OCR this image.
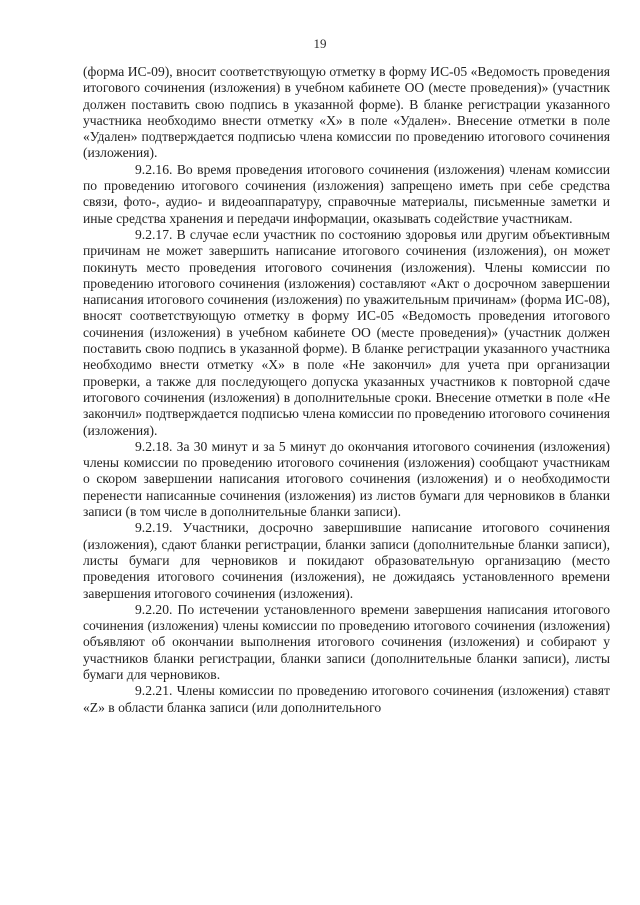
19

(форма ИС-09), вносит соответствующую отметку в форму ИС-05 «Ведомость проведения итогового сочинения (изложения) в учебном кабинете ОО (месте проведения)» (участник должен поставить свою подпись в указанной форме). В бланке регистрации указанного участника необходимо внести отметку «X» в поле «Удален». Внесение отметки в поле «Удален» подтверждается подписью члена комиссии по проведению итогового сочинения (изложения).

9.2.16. Во время проведения итогового сочинения (изложения) членам комиссии по проведению итогового сочинения (изложения) запрещено иметь при себе средства связи, фото-, аудио- и видеоаппаратуру, справочные материалы, письменные заметки и иные средства хранения и передачи информации, оказывать содействие участникам.

9.2.17. В случае если участник по состоянию здоровья или другим объективным причинам не может завершить написание итогового сочинения (изложения), он может покинуть место проведения итогового сочинения (изложения). Члены комиссии по проведению итогового сочинения (изложения) составляют «Акт о досрочном завершении написания итогового сочинения (изложения) по уважительным причинам» (форма ИС-08), вносят соответствующую отметку в форму ИС-05 «Ведомость проведения итогового сочинения (изложения) в учебном кабинете ОО (месте проведения)» (участник должен поставить свою подпись в указанной форме). В бланке регистрации указанного участника необходимо внести отметку «X» в поле «Не закончил» для учета при организации проверки, а также для последующего допуска указанных участников к повторной сдаче итогового сочинения (изложения) в дополнительные сроки. Внесение отметки в поле «Не закончил» подтверждается подписью члена комиссии по проведению итогового сочинения (изложения).

9.2.18. За 30 минут и за 5 минут до окончания итогового сочинения (изложения) члены комиссии по проведению итогового сочинения (изложения) сообщают участникам о скором завершении написания итогового сочинения (изложения) и о необходимости перенести написанные сочинения (изложения) из листов бумаги для черновиков в бланки записи (в том числе в дополнительные бланки записи).

9.2.19. Участники, досрочно завершившие написание итогового сочинения (изложения), сдают бланки регистрации, бланки записи (дополнительные бланки записи), листы бумаги для черновиков и покидают образовательную организацию (место проведения итогового сочинения (изложения), не дожидаясь установленного времени завершения итогового сочинения (изложения).

9.2.20. По истечении установленного времени завершения написания итогового сочинения (изложения) члены комиссии по проведению итогового сочинения (изложения) объявляют об окончании выполнения итогового сочинения (изложения) и собирают у участников бланки регистрации, бланки записи (дополнительные бланки записи), листы бумаги для черновиков.

9.2.21. Члены комиссии по проведению итогового сочинения (изложения) ставят «Z» в области бланка записи (или дополнительного
